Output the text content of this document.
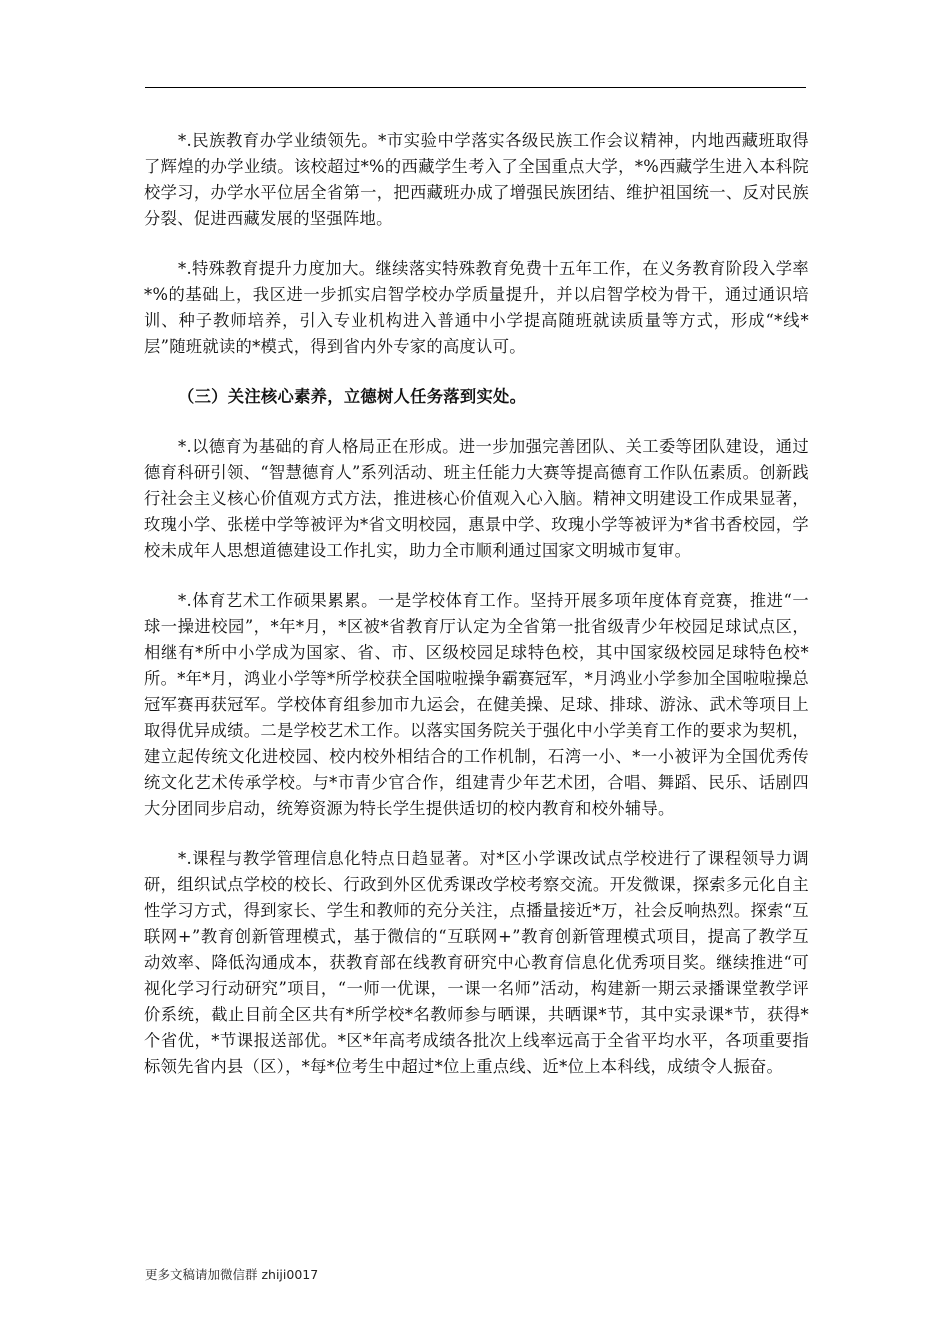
*.民族教育办学业绩领先。*市实验中学落实各级民族工作会议精神，内地西藏班取得了辉煌的办学业绩。该校超过*%的西藏学生考入了全国重点大学，*%西藏学生进入本科院校学习，办学水平位居全省第一，把西藏班办成了增强民族团结、维护祖国统一、反对民族分裂、促进西藏发展的坚强阵地。

*.特殊教育提升力度加大。继续落实特殊教育免费十五年工作，在义务教育阶段入学率*%的基础上，我区进一步抓实启智学校办学质量提升，并以启智学校为骨干，通过通识培训、种子教师培养，引入专业机构进入普通中小学提高随班就读质量等方式，形成“*线*层”随班就读的*模式，得到省内外专家的高度认可。

（三）关注核心素养，立德树人任务落到实处。

*.以德育为基础的育人格局正在形成。进一步加强完善团队、关工委等团队建设，通过德育科研引领、“智慧德育人”系列活动、班主任能力大赛等提高德育工作队伍素质。创新践行社会主义核心价值观方式方法，推进核心价值观入心入脑。精神文明建设工作成果显著，玫瑰小学、张槎中学等被评为*省文明校园，惠景中学、玫瑰小学等被评为*省书香校园，学校未成年人思想道德建设工作扎实，助力全市顺利通过国家文明城市复审。

*.体育艺术工作硕果累累。一是学校体育工作。坚持开展多项年度体育竞赛，推进“一球一操进校园”，*年*月，*区被*省教育厅认定为全省第一批省级青少年校园足球试点区，相继有*所中小学成为国家、省、市、区级校园足球特色校，其中国家级校园足球特色校*所。*年*月，鸿业小学等*所学校获全国啦啦操争霸赛冠军，*月鸿业小学参加全国啦啦操总冠军赛再获冠军。学校体育组参加市九运会，在健美操、足球、排球、游泳、武术等项目上取得优异成绩。二是学校艺术工作。以落实国务院关于强化中小学美育工作的要求为契机，建立起传统文化进校园、校内校外相结合的工作机制，石湾一小、*一小被评为全国优秀传统文化艺术传承学校。与*市青少官合作，组建青少年艺术团，合唱、舞蹈、民乐、话剧四大分团同步启动，统筹资源为特长学生提供适切的校内教育和校外辅导。

*.课程与教学管理信息化特点日趋显著。对*区小学课改试点学校进行了课程领导力调研，组织试点学校的校长、行政到外区优秀课改学校考察交流。开发微课，探索多元化自主性学习方式，得到家长、学生和教师的充分关注，点播量接近*万，社会反响热烈。探索“互联网+”教育创新管理模式，基于微信的“互联网+”教育创新管理模式项目，提高了教学互动效率、降低沟通成本，获教育部在线教育研究中心教育信息化优秀项目奖。继续推进“可视化学习行动研究”项目，“一师一优课，一课一名师”活动，构建新一期云录播课堂教学评价系统，截止目前全区共有*所学校*名教师参与晒课，共晒课*节，其中实录课*节，获得*个省优，*节课报送部优。*区*年高考成绩各批次上线率远高于全省平均水平，各项重要指标领先省内县（区），*每*位考生中超过*位上重点线、近*位上本科线，成绩令人振奋。

更多文稿请加微信群 zhiji0017
